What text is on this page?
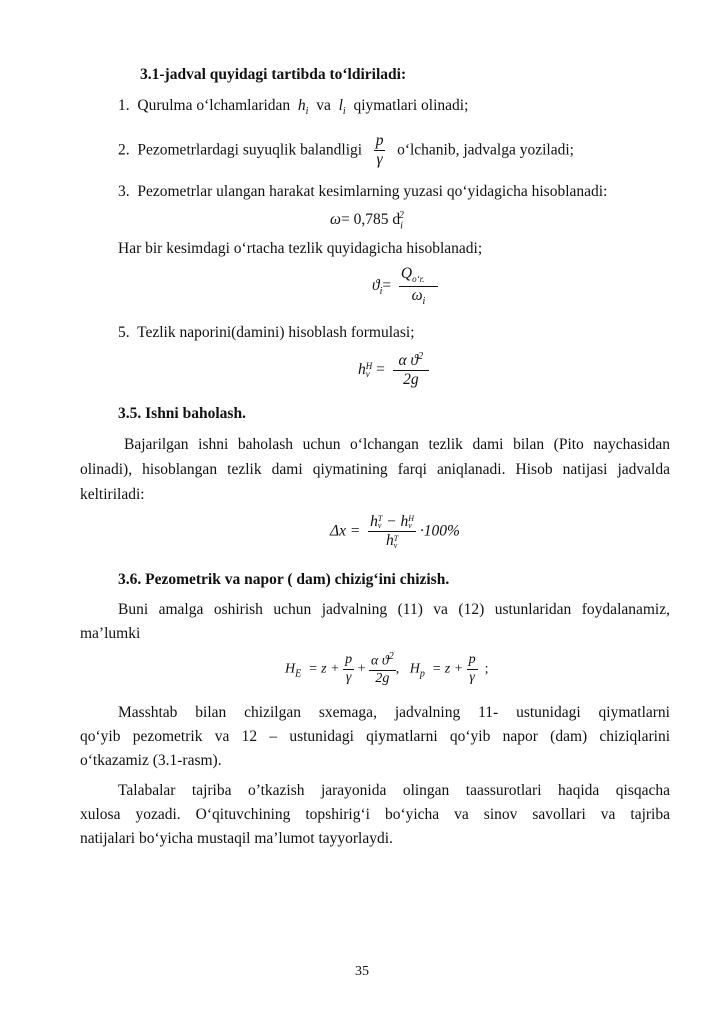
3.1-jadval quyidagi tartibda to‘ldiriladi:
1. Qurulma o‘lchamlaridan $h_i$ va $l_i$ qiymatlari olinadi;
2. Pezometrlardagi suyuqlik balandligi $\frac{p}{\gamma}$ o‘lchanib, jadvalga yoziladi;
3. Pezometrlar ulangan harakat kesimlarning yuzasi qo‘yidagicha hisoblanadi:
ω= 0,785 $d_i^2$
Har bir kesimdagi o‘rtacha tezlik quyidagicha hisoblanadi;
$ϑ_i= \frac{Q_{o‘r.}}{\omega_i}$
5. Tezlik naporini(damini) hisoblash formulasi;
h H
$v = \frac{\alpha ϑ^2}{2g}$
3.5. Ishni baholash.
Bajarilgan ishni baholash uchun o‘lchangan tezlik dami bilan (Pito naychasidan
olinadi), hisoblangan tezlik dami qiymatining farqi aniqlanadi. Hisob natijasi jadvalda
keltiriladi:
Δx = h T
v − h H
v
h T
v ·100%
3.6. Pezometrik va napor ( dam) chizig‘ini chizish.
Buni amalga oshirish uchun jadvalning (11) va (12) ustunlaridan foydalanamiz,
ma’lumki
$H_E = z + \frac{p}{\gamma} + \frac{\alpha ϑ^2}{2g}$ , $H_p = z + \frac{p}{\gamma}$ ;
Masshtab bilan chizilgan sxemaga, jadvalning 11- ustunidagi qiymatlarni
qo‘yib pezometrik va 12 – ustunidagi qiymatlarni qo‘yib napor (dam) chiziqlarini
o‘tkazamiz (3.1-rasm).
Talabalar tajriba o’tkazish jarayonida olingan taassurotlari haqida qisqacha
xulosa yozadi. O‘qituvchining topshirig‘i bo‘yicha va sinov savollari va tajriba
natijalari bo‘yicha mustaqil ma’lumot tayyorlaydi.
35
